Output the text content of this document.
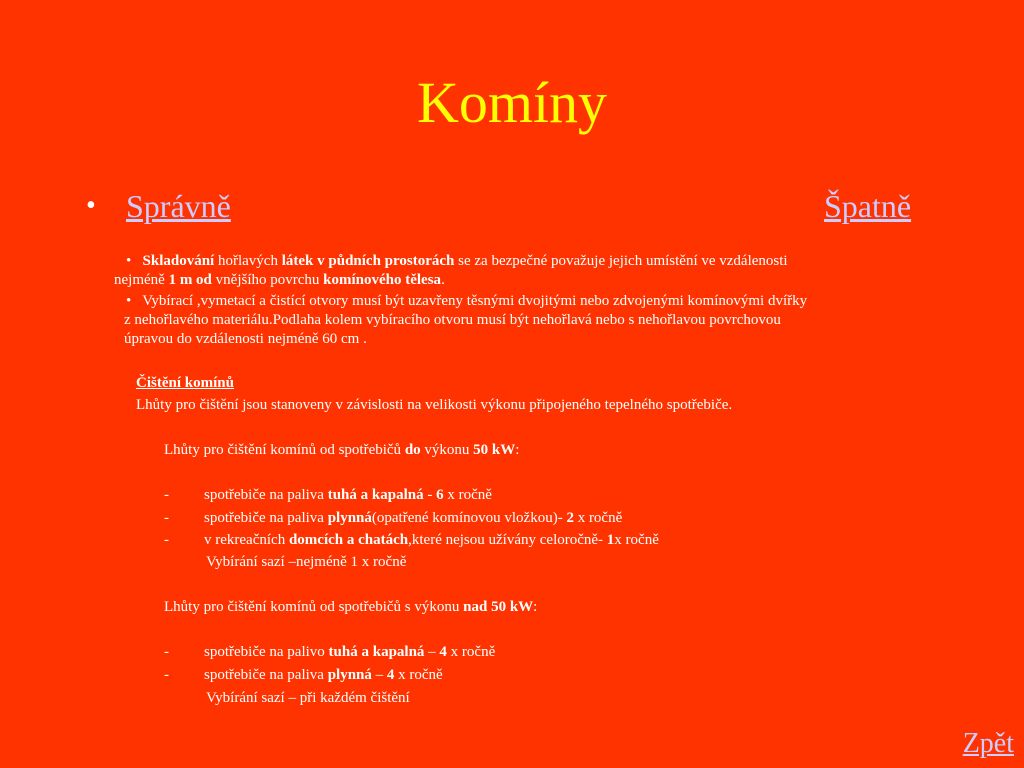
Komíny
• Správně	Špatně
• Skladování hořlavých látek v půdních prostorách se za bezpečné považuje jejich umístění ve vzdálenosti
nejméně 1 m od vnějšího povrchu komínového tělesa.
• Vybírací ,vymetací a čistící otvory musí být uzavřeny těsnými dvojitými nebo zdvojenými komínovými dvířky
z nehořlavého materiálu.Podlaha kolem vybíracího otvoru musí být nehořlavá nebo s nehořlavou povrchovou
úpravou do vzdálenosti nejméně 60 cm .
Čištění komínů
Lhůty pro čištění jsou stanoveny v závislosti na velikosti výkonu připojeného tepelného spotřebiče.
Lhůty pro čištění komínů od spotřebičů do výkonu 50 kW:
- spotřebiče na paliva tuhá a kapalná - 6 x ročně
- spotřebiče na paliva plynná(opatřené komínovou vložkou)- 2 x ročně
- v rekreačních domcích a chatách,které nejsou užívány celoročně- 1x ročně
Vybírání sazí –nejméně 1 x ročně
Lhůty pro čištění komínů od spotřebičů s výkonu nad 50 kW:
- spotřebiče na palivo tuhá a kapalná – 4 x ročně
- spotřebiče na paliva plynná – 4 x ročně
Vybírání sazí – při každém čištění
Zpět
